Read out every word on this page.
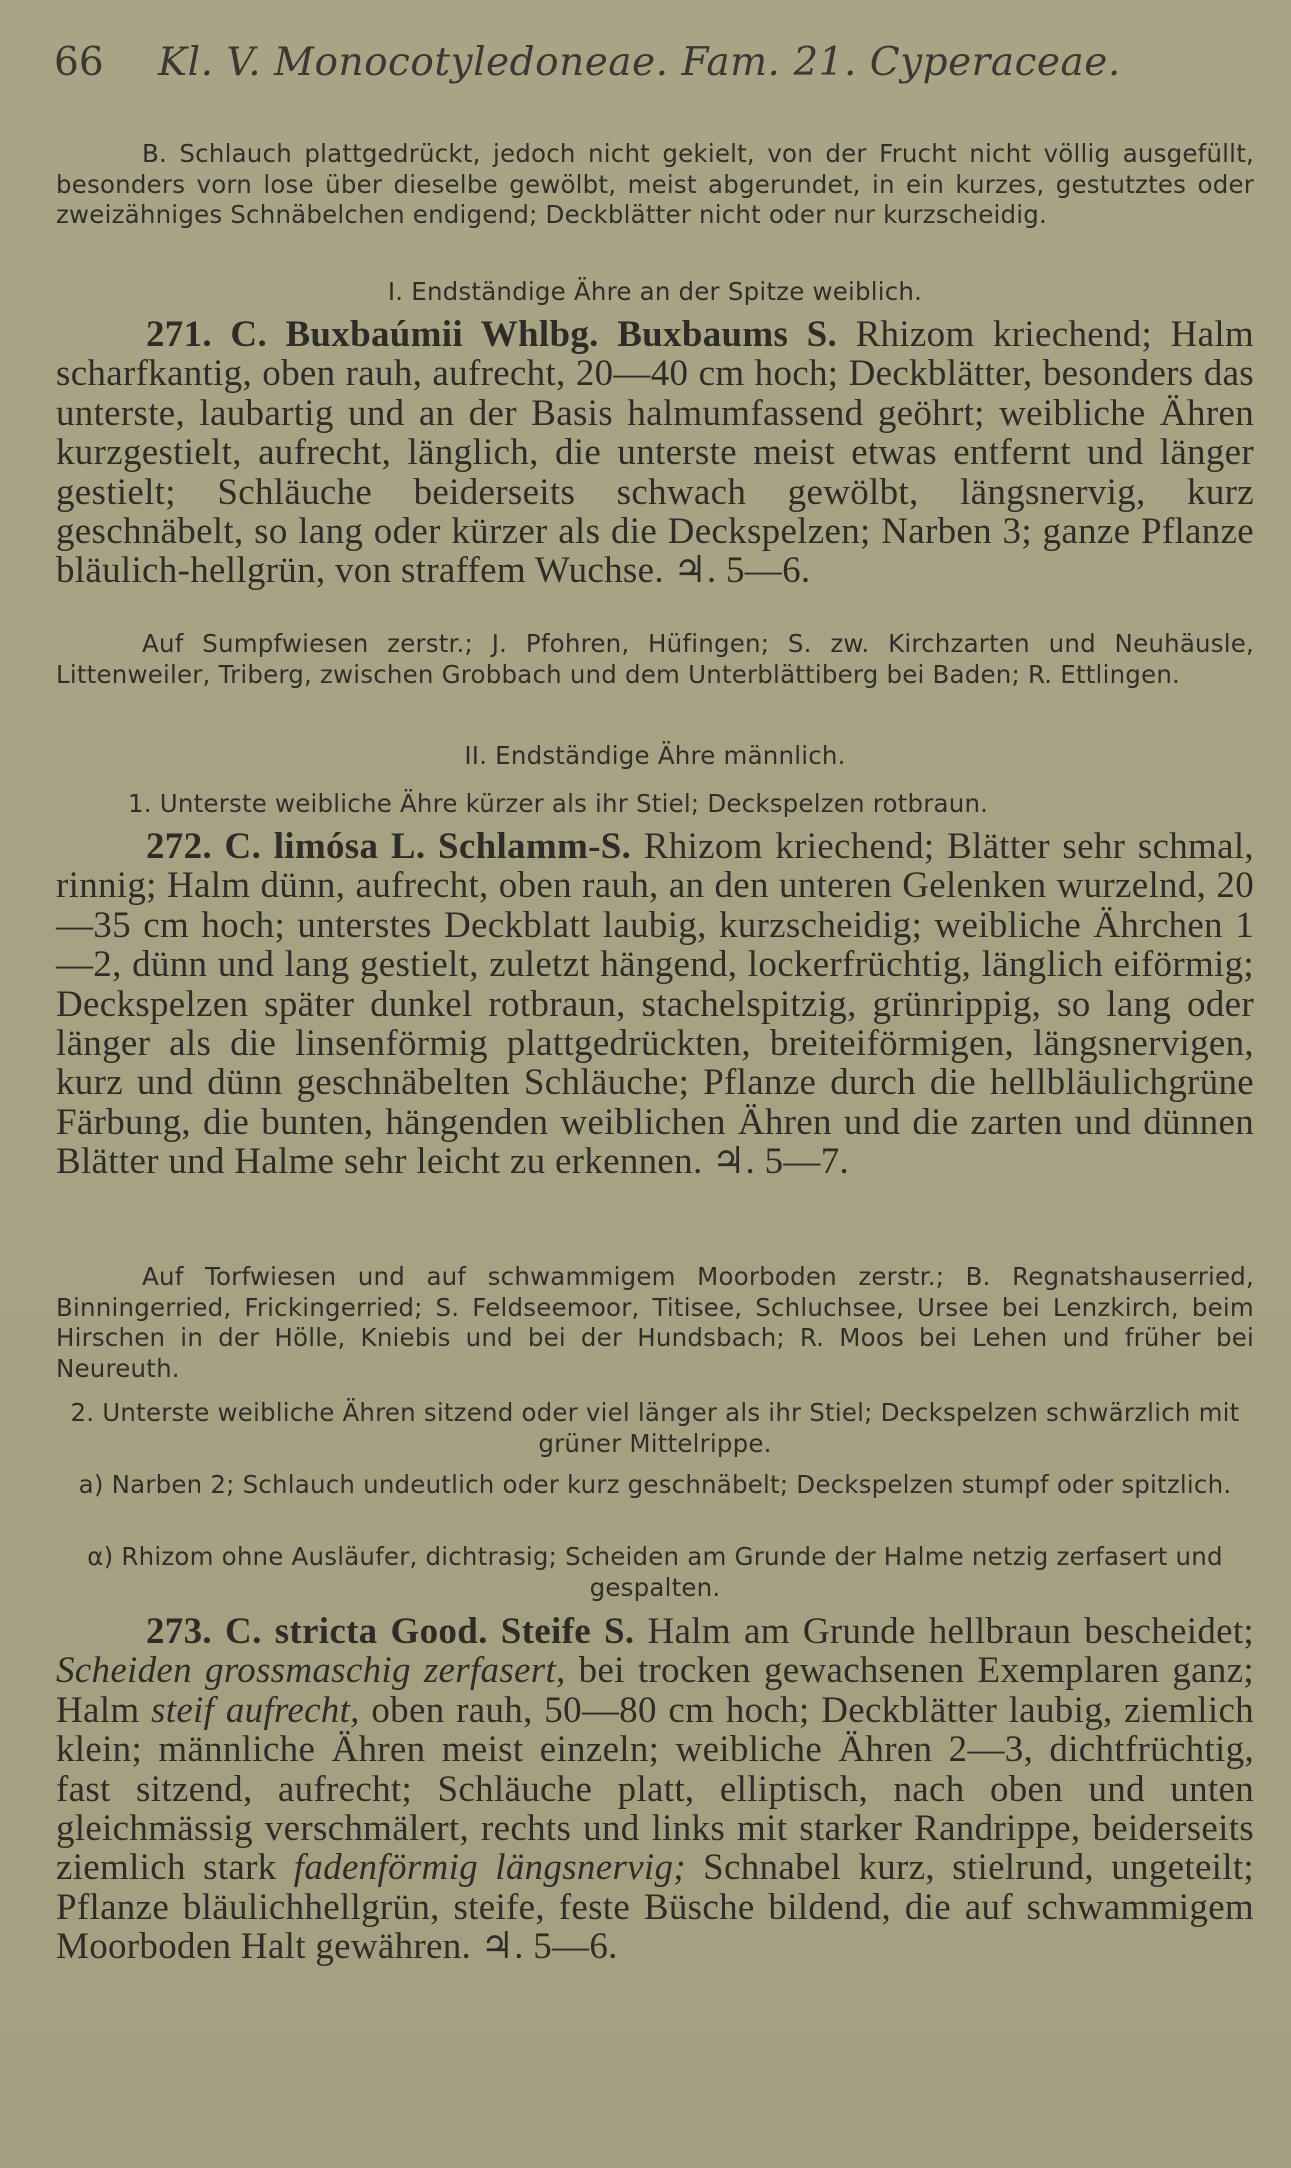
66 Kl. V. Monocotyledoneae. Fam. 21. Cyperaceae.
B. Schlauch plattgedrückt, jedoch nicht gekielt, von der Frucht nicht völlig ausgefüllt, besonders vorn lose über dieselbe gewölbt, meist abgerundet, in ein kurzes, gestutztes oder zweizähniges Schnäbelchen endigend; Deckblätter nicht oder nur kurzscheidig.
I. Endständige Ähre an der Spitze weiblich.
271. C. Buxbaúmii Whlbg. Buxbaums S. Rhizom kriechend; Halm scharfkantig, oben rauh, aufrecht, 20—40 cm hoch; Deckblätter, besonders das unterste, laubartig und an der Basis halmumfassend geöhrt; weibliche Ähren kurzgestielt, aufrecht, länglich, die unterste meist etwas entfernt und länger gestielt; Schläuche beiderseits schwach gewölbt, längsnervig, kurz geschnäbelt, so lang oder kürzer als die Deckspelzen; Narben 3; ganze Pflanze bläulich-hellgrün, von straffem Wuchse. ♃. 5—6.
Auf Sumpfwiesen zerstr.; J. Pfohren, Hüfingen; S. zw. Kirchzarten und Neuhäusle, Littenweiler, Triberg, zwischen Grobbach und dem Unterblättiberg bei Baden; R. Ettlingen.
II. Endständige Ähre männlich.
1. Unterste weibliche Ähre kürzer als ihr Stiel; Deckspelzen rotbraun.
272. C. limósa L. Schlamm-S. Rhizom kriechend; Blätter sehr schmal, rinnig; Halm dünn, aufrecht, oben rauh, an den unteren Gelenken wurzelnd, 20—35 cm hoch; unterstes Deckblatt laubig, kurzscheidig; weibliche Ährchen 1—2, dünn und lang gestielt, zuletzt hängend, lockerfrüchtig, länglich eiförmig; Deckspelzen später dunkel rotbraun, stachelspitzig, grünrippig, so lang oder länger als die linsenförmig plattgedrückten, breiteiförmigen, längsnervigen, kurz und dünn geschnäbelten Schläuche; Pflanze durch die hellbläulichgrüne Färbung, die bunten, hängenden weiblichen Ähren und die zarten und dünnen Blätter und Halme sehr leicht zu erkennen. ♃. 5—7.
Auf Torfwiesen und auf schwammigem Moorboden zerstr.; B. Regnatshauserried, Binningerried, Frickingerried; S. Feldseemoor, Titisee, Schluchsee, Ursee bei Lenzkirch, beim Hirschen in der Hölle, Kniebis und bei der Hundsbach; R. Moos bei Lehen und früher bei Neureuth.
2. Unterste weibliche Ähren sitzend oder viel länger als ihr Stiel; Deckspelzen schwärzlich mit grüner Mittelrippe.
a) Narben 2; Schlauch undeutlich oder kurz geschnäbelt; Deckspelzen stumpf oder spitzlich.
α) Rhizom ohne Ausläufer, dichtrasig; Scheiden am Grunde der Halme netzig zerfasert und gespalten.
273. C. stricta Good. Steife S. Halm am Grunde hellbraun bescheidet; Scheiden grossmaschig zerfasert, bei trocken gewachsenen Exemplaren ganz; Halm steif aufrecht, oben rauh, 50—80 cm hoch; Deckblätter laubig, ziemlich klein; männliche Ähren meist einzeln; weibliche Ähren 2—3, dichtfrüchtig, fast sitzend, aufrecht; Schläuche platt, elliptisch, nach oben und unten gleichmässig verschmälert, rechts und links mit starker Randrippe, beiderseits ziemlich stark fadenförmig längsnervig; Schnabel kurz, stielrund, ungeteilt; Pflanze bläulichhellgrün, steife, feste Büsche bildend, die auf schwammigem Moorboden Halt gewähren. ♃. 5—6.
